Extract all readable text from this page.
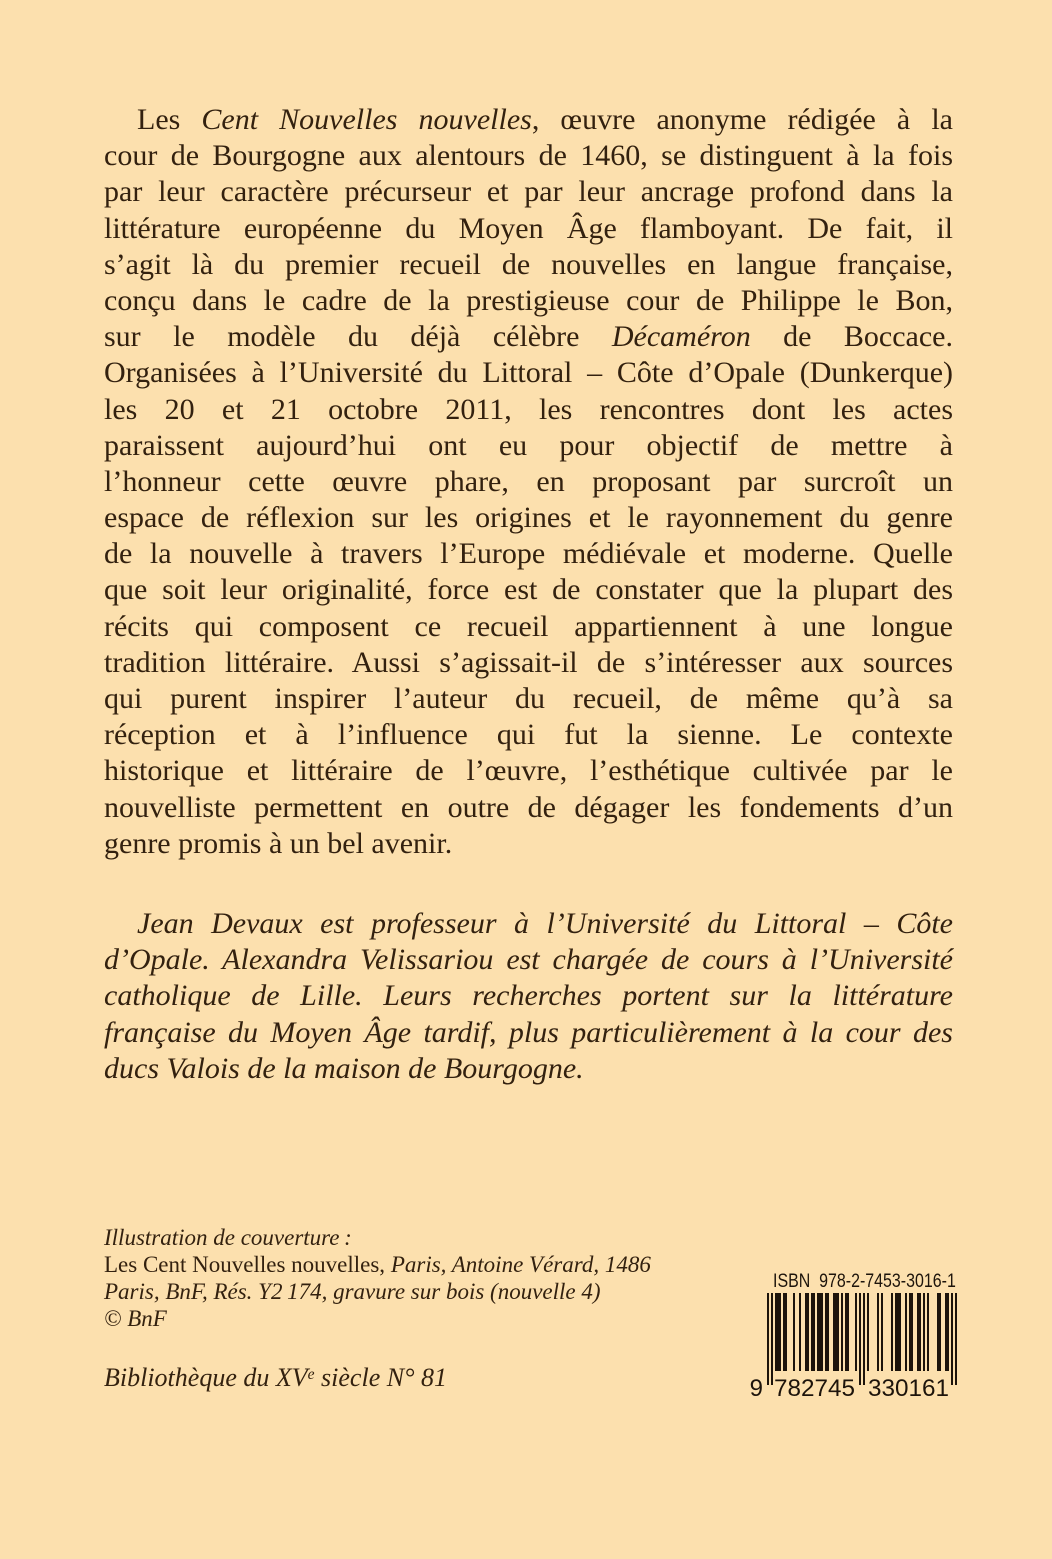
Les Cent Nouvelles nouvelles, œuvre anonyme rédigée à la
cour de Bourgogne aux alentours de 1460, se distinguent à la fois
par leur caractère précurseur et par leur ancrage profond dans la
littérature européenne du Moyen Âge flamboyant. De fait, il
s’agit là du premier recueil de nouvelles en langue française,
conçu dans le cadre de la prestigieuse cour de Philippe le Bon,
sur le modèle du déjà célèbre Décaméron de Boccace.
Organisées à l’Université du Littoral – Côte d’Opale (Dunkerque)
les 20 et 21 octobre 2011, les rencontres dont les actes
paraissent aujourd’hui ont eu pour objectif de mettre à
l’honneur cette œuvre phare, en proposant par surcroît un
espace de réflexion sur les origines et le rayonnement du genre
de la nouvelle à travers l’Europe médiévale et moderne. Quelle
que soit leur originalité, force est de constater que la plupart des
récits qui composent ce recueil appartiennent à une longue
tradition littéraire. Aussi s’agissait-il de s’intéresser aux sources
qui purent inspirer l’auteur du recueil, de même qu’à sa
réception et à l’influence qui fut la sienne. Le contexte
historique et littéraire de l’œuvre, l’esthétique cultivée par le
nouvelliste permettent en outre de dégager les fondements d’un
genre promis à un bel avenir.
Jean Devaux est professeur à l’Université du Littoral – Côte
d’Opale. Alexandra Velissariou est chargée de cours à l’Université
catholique de Lille. Leurs recherches portent sur la littérature
française du Moyen Âge tardif, plus particulièrement à la cour des
ducs Valois de la maison de Bourgogne.
Illustration de couverture :
Les Cent Nouvelles nouvelles, Paris, Antoine Vérard, 1486
Paris, BnF, Rés. Y2 174, gravure sur bois (nouvelle 4)
© BnF
Bibliothèque du XVe siècle N° 81
ISBN  978-2-7453-3016-1
9 782745 330161
